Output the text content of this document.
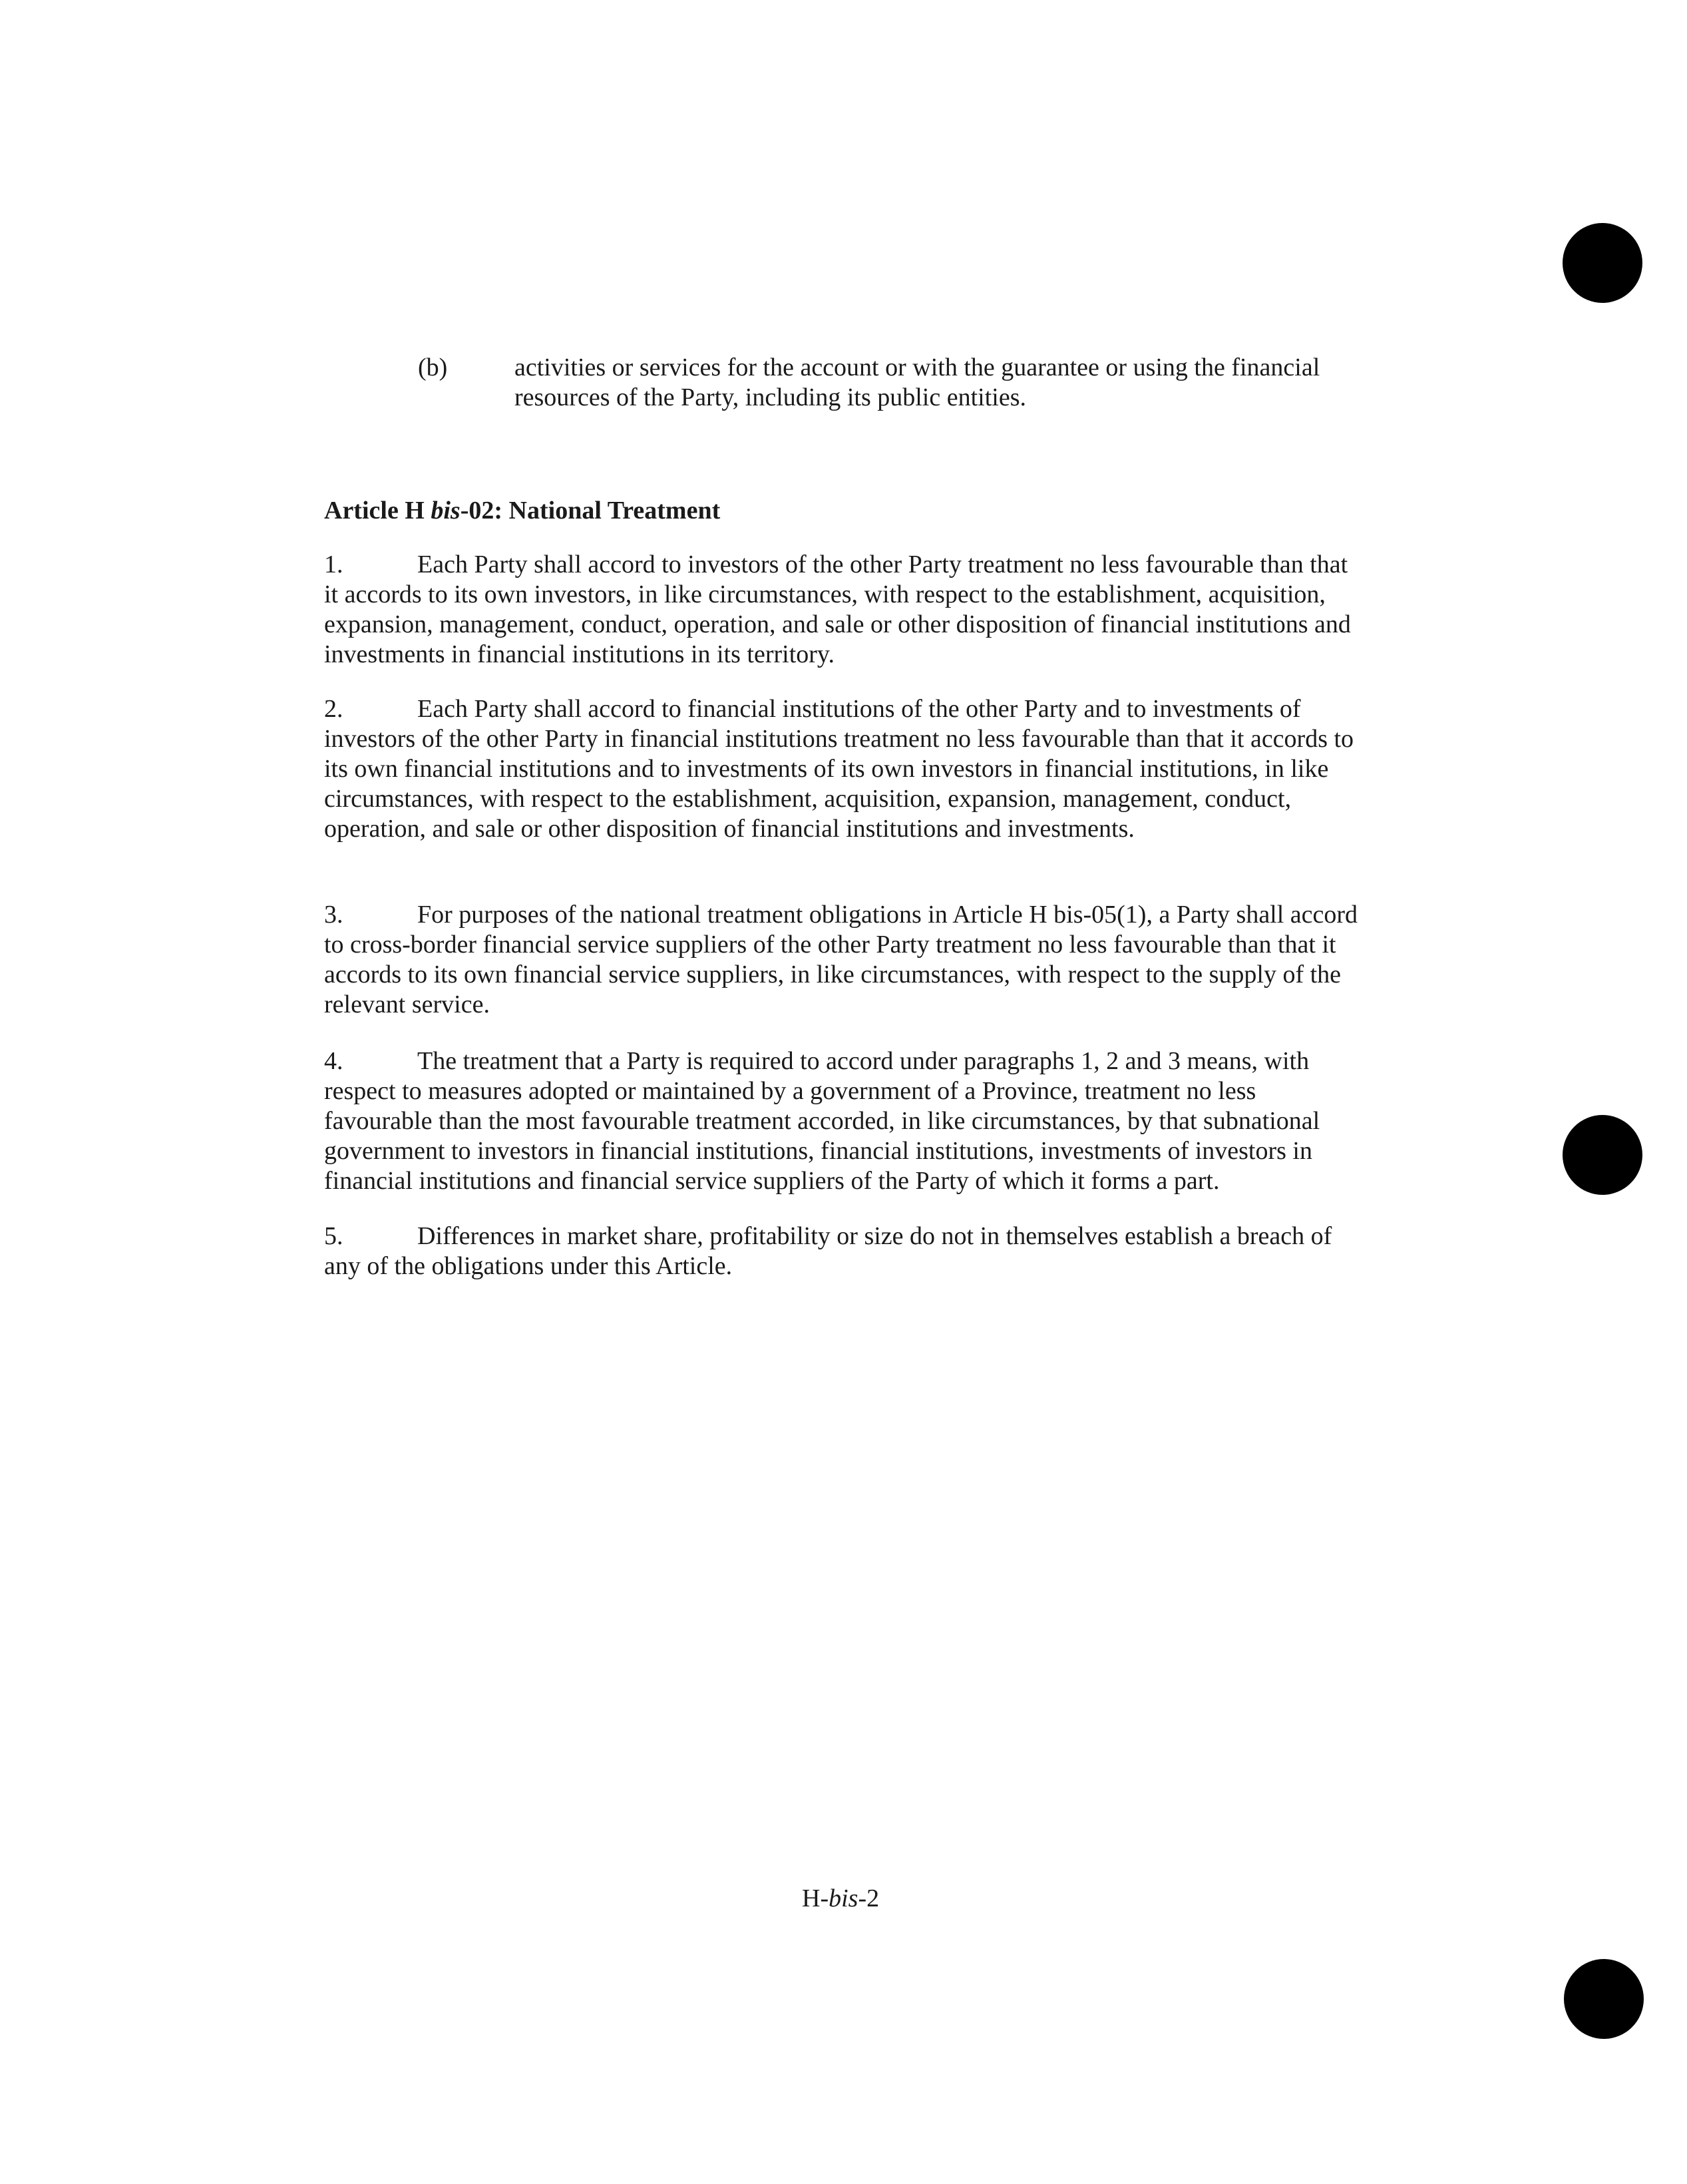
(b)	activities or services for the account or with the guarantee or using the financial resources of the Party, including its public entities.
Article H bis-02: National Treatment
1.	Each Party shall accord to investors of the other Party treatment no less favourable than that it accords to its own investors, in like circumstances, with respect to the establishment, acquisition, expansion, management, conduct, operation, and sale or other disposition of financial institutions and investments in financial institutions in its territory.
2.	Each Party shall accord to financial institutions of the other Party and to investments of investors of the other Party in financial institutions treatment no less favourable than that it accords to its own financial institutions and to investments of its own investors in financial institutions, in like circumstances, with respect to the establishment, acquisition, expansion, management, conduct, operation, and sale or other disposition of financial institutions and investments.
3.	For purposes of the national treatment obligations in Article H bis-05(1), a Party shall accord to cross-border financial service suppliers of the other Party treatment no less favourable than that it accords to its own financial service suppliers, in like circumstances, with respect to the supply of the relevant service.
4.	The treatment that a Party is required to accord under paragraphs 1, 2 and 3 means, with respect to measures adopted or maintained by a government of a Province, treatment no less favourable than the most favourable treatment accorded, in like circumstances, by that subnational government to investors in financial institutions, financial institutions, investments of investors in financial institutions and financial service suppliers of the Party of which it forms a part.
5.	Differences in market share, profitability or size do not in themselves establish a breach of any of the obligations under this Article.
H-bis-2
